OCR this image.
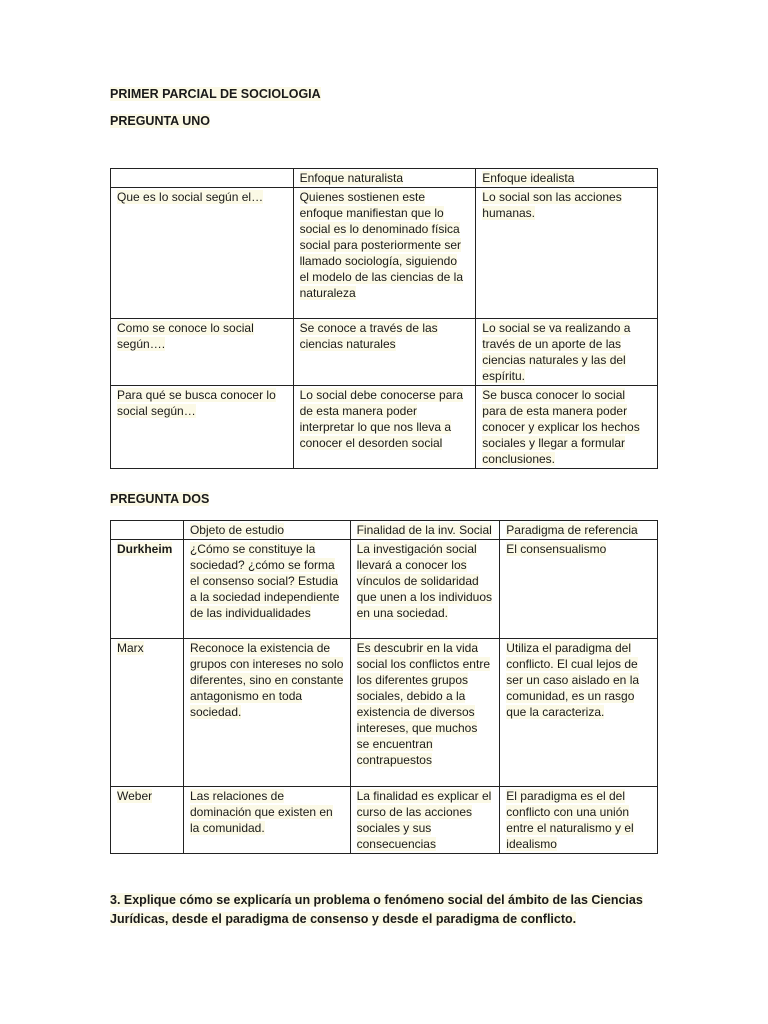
PRIMER PARCIAL DE SOCIOLOGIA

PREGUNTA UNO

	Enfoque naturalista	Enfoque idealista
Que es lo social según el…	Quienes sostienen este enfoque manifiestan que lo social es lo denominado física social para posteriormente ser llamado sociología, siguiendo el modelo de las ciencias de la naturaleza	Lo social son las acciones humanas.
Como se conoce lo social según….	Se conoce a través de las ciencias naturales	Lo social se va realizando a través de un aporte de las ciencias naturales y las del espíritu.
Para qué se busca conocer lo social según…	Lo social debe conocerse para de esta manera poder interpretar lo que nos lleva a conocer el desorden social	Se busca conocer lo social para de esta manera poder conocer y explicar los hechos sociales y llegar a formular conclusiones.

PREGUNTA DOS

	Objeto de estudio	Finalidad de la inv. Social	Paradigma de referencia
Durkheim	¿Cómo se constituye la sociedad? ¿cómo se forma el consenso social? Estudia a la sociedad independiente de las individualidades	La investigación social llevará a conocer los vínculos de solidaridad que unen a los individuos en una sociedad.	El consensualismo
Marx	Reconoce la existencia de grupos con intereses no solo diferentes, sino en constante antagonismo en toda sociedad.	Es descubrir en la vida social los conflictos entre los diferentes grupos sociales, debido a la existencia de diversos intereses, que muchos se encuentran contrapuestos	Utiliza el paradigma del conflicto. El cual lejos de ser un caso aislado en la comunidad, es un rasgo que la caracteriza.
Weber	Las relaciones de dominación que existen en la comunidad.	La finalidad es explicar el curso de las acciones sociales y sus consecuencias	El paradigma es el del conflicto con una unión entre el naturalismo y el idealismo

3. Explique cómo se explicaría un problema o fenómeno social del ámbito de las Ciencias Jurídicas, desde el paradigma de consenso y desde el paradigma de conflicto.
